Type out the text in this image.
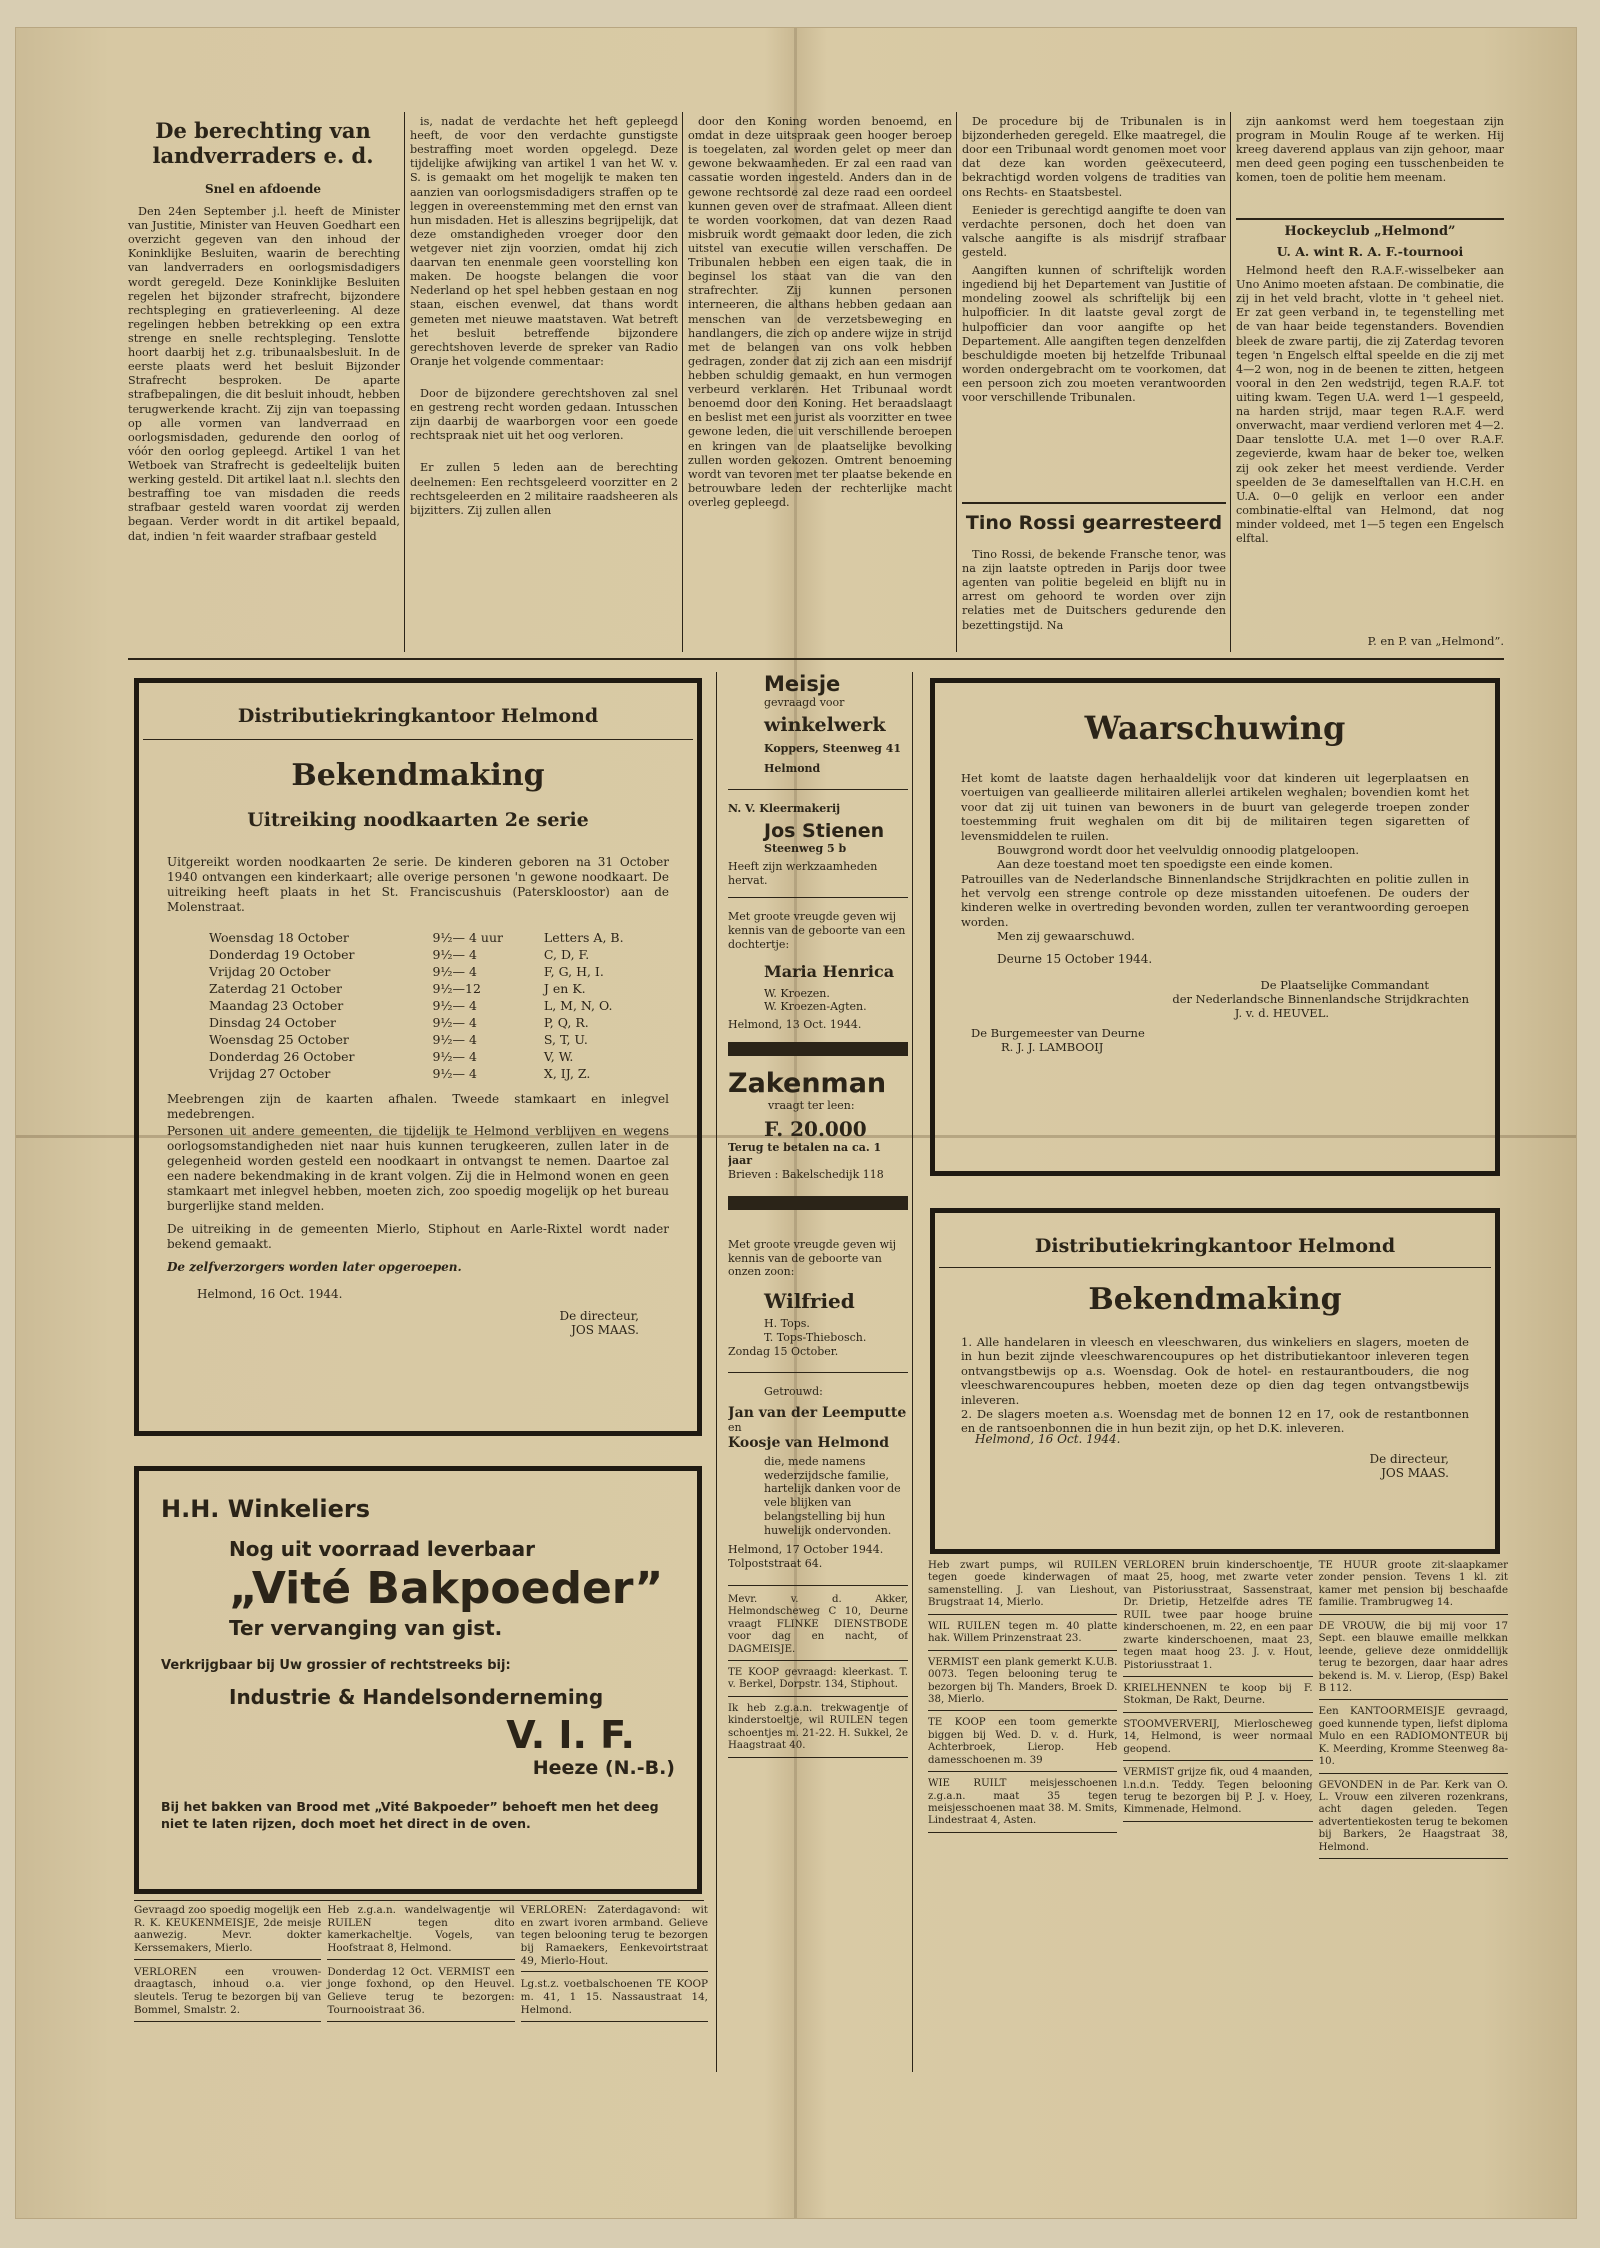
De berechting van landverraders e. d.
Snel en afdoende

Den 24en September j.l. heeft de Minister van Justitie, Minister van Heuven Goedhart een overzicht gegeven van den inhoud der Koninklijke Besluiten, waarin de berechting van landverraders en oorlogsmisdadigers wordt geregeld. Deze Koninklijke Besluiten regelen het bijzonder strafrecht, bijzondere rechtspleging en gratieverleening. Al deze regelingen hebben betrekking op een extra strenge en snelle rechtspleging. Tenslotte hoort daarbij het z.g. tribunaalsbesluit. In de eerste plaats werd het besluit Bijzonder Strafrecht besproken. De aparte strafbepalingen, die dit besluit inhoudt, hebben terugwerkende kracht. Zij zijn van toepassing op alle vormen van landverraad en oorlogsmisdaden, gedurende den oorlog of vóór den oorlog gepleegd. Artikel 1 van het Wetboek van Strafrecht is gedeeltelijk buiten werking gesteld. Dit artikel laat n.l. slechts den bestraffing toe van misdaden die reeds strafbaar gesteld waren voordat zij werden begaan. Verder wordt in dit artikel bepaald, dat, indien 'n feit waarder strafbaar gesteld

is, nadat de verdachte het heft gepleegd heeft, de voor den verdachte gunstigste bestraffing moet worden opgelegd. Deze tijdelijke afwijking van artikel 1 van het W. v. S. is gemaakt om het mogelijk te maken ten aanzien van oorlogsmisdadigers straffen op te leggen in overeenstemming met den ernst van hun misdaden. Het is alleszins begrijpelijk, dat deze omstandigheden vroeger door den wetgever niet zijn voorzien, omdat hij zich daarvan ten enenmale geen voorstelling kon maken. De hoogste belangen die voor Nederland op het spel hebben gestaan en nog staan, eischen evenwel, dat thans wordt gemeten met nieuwe maatstaven. Wat betreft het besluit betreffende bijzondere gerechtshoven leverde de spreker van Radio Oranje het volgende commentaar:

Door de bijzondere gerechtshoven zal snel en gestreng recht worden gedaan. Intusschen zijn daarbij de waarborgen voor een goede rechtspraak niet uit het oog verloren.

Er zullen 5 leden aan de berechting deelnemen: Een rechtsgeleerd voorzitter en 2 rechtsgeleerden en 2 militaire raadsheeren als bijzitters. Zij zullen allen

door den Koning worden benoemd, en omdat in deze uitspraak geen hooger beroep is toegelaten, zal worden gelet op meer dan gewone bekwaamheden. Er zal een raad van cassatie worden ingesteld. Anders dan in de gewone rechtsorde zal deze raad een oordeel kunnen geven over de strafmaat. Alleen dient te worden voorkomen, dat van dezen Raad misbruik wordt gemaakt door leden, die zich uitstel van executie willen verschaffen. De Tribunalen hebben een eigen taak, die in beginsel los staat van die van den strafrechter. Zij kunnen personen interneeren, die althans hebben gedaan aan menschen van de verzetsbeweging en handlangers, die zich op andere wijze in strijd met de belangen van ons volk hebben gedragen, zonder dat zij zich aan een misdrijf hebben schuldig gemaakt, en hun vermogen verbeurd verklaren. Het Tribunaal wordt benoemd door den Koning. Het beraadslaagt en beslist met een jurist als voorzitter en twee gewone leden, die uit verschillende beroepen en kringen van de plaatselijke bevolking zullen worden gekozen. Omtrent benoeming wordt van tevoren met ter plaatse bekende en betrouwbare leden der rechterlijke macht overleg gepleegd.

De procedure bij de Tribunalen is in bijzonderheden geregeld. Elke maatregel, die door een Tribunaal wordt genomen moet voor dat deze kan worden geëxecuteerd, bekrachtigd worden volgens de tradities van ons Rechts- en Staatsbestel.

Eenieder is gerechtigd aangifte te doen van verdachte personen, doch het doen van valsche aangifte is als misdrijf strafbaar gesteld.

Aangiften kunnen of schriftelijk worden ingediend bij het Departement van Justitie of mondeling zoowel als schriftelijk bij een hulpofficier. In dit laatste geval zorgt de hulpofficier dan voor aangifte op het Departement. Alle aangiften tegen denzelfden beschuldigde moeten bij hetzelfde Tribunaal worden ondergebracht om te voorkomen, dat een persoon zich zou moeten verantwoorden voor verschillende Tribunalen.

Tino Rossi gearresteerd

Tino Rossi, de bekende Fransche tenor, was na zijn laatste optreden in Parijs door twee agenten van politie begeleid en blijft nu in arrest om gehoord te worden over zijn relaties met de Duitschers gedurende den bezettingstijd. Na

zijn aankomst werd hem toegestaan zijn program in Moulin Rouge af te werken. Hij kreeg daverend applaus van zijn gehoor, maar men deed geen poging een tusschenbeiden te komen, toen de politie hem meenam.

Hockeyclub „Helmond”
U. A. wint R. A. F.-tournooi

Helmond heeft den R.A.F.-wisselbeker aan Uno Animo moeten afstaan. De combinatie, die zij in het veld bracht, vlotte in 't geheel niet. Er zat geen verband in, te tegenstelling met de van haar beide tegenstanders. Bovendien bleek de zware partij, die zij Zaterdag tevoren tegen 'n Engelsch elftal speelde en die zij met 4—2 won, nog in de beenen te zitten, hetgeen vooral in den 2en wedstrijd, tegen R.A.F. tot uiting kwam. Tegen U.A. werd 1—1 gespeeld, na harden strijd, maar tegen R.A.F. werd onverwacht, maar verdiend verloren met 4—2. Daar tenslotte U.A. met 1—0 over R.A.F. zegevierde, kwam haar de beker toe, welken zij ook zeker het meest verdiende. Verder speelden de 3e dameselftallen van H.C.H. en U.A. 0—0 gelijk en verloor een ander combinatie-elftal van Helmond, dat nog minder voldeed, met 1—5 tegen een Engelsch elftal.

P. en P. van „Helmond”.
Distributiekringkantoor Helmond
Bekendmaking
Uitreiking noodkaarten 2e serie
Uitgereikt worden noodkaarten 2e serie. De kinderen geboren na 31 October 1940 ontvangen een kinderkaart; alle overige personen 'n gewone noodkaart. De uitreiking heeft plaats in het St. Franciscushuis (Paterskloostor) aan de Molenstraat.
Woensdag 18 October	9½— 4 uur	Letters A, B.
Donderdag 19 October	9½— 4	C, D, F.
Vrijdag 20 October	9½— 4	F, G, H, I.
Zaterdag 21 October	9½—12	J en K.
Maandag 23 October	9½— 4	L, M, N, O.
Dinsdag 24 October	9½— 4	P, Q, R.
Woensdag 25 October	9½— 4	S, T, U.
Donderdag 26 October	9½— 4	V, W.
Vrijdag 27 October	9½— 4	X, IJ, Z.
Meebrengen zijn de kaarten afhalen. Tweede stamkaart en inlegvel medebrengen.
Personen uit andere gemeenten, die tijdelijk te Helmond verblijven en wegens oorlogsomstandigheden niet naar huis kunnen terugkeeren, zullen later in de gelegenheid worden gesteld een noodkaart in ontvangst te nemen. Daartoe zal een nadere bekendmaking in de krant volgen. Zij die in Helmond wonen en geen stamkaart met inlegvel hebben, moeten zich, zoo spoedig mogelijk op het bureau burgerlijke stand melden.
De uitreiking in de gemeenten Mierlo, Stiphout en Aarle-Rixtel wordt nader bekend gemaakt.
De zelfverzorgers worden later opgeroepen.
Helmond, 16 Oct. 1944.
De directeur,
JOS MAAS.
H.H. Winkeliers
Nog uit voorraad leverbaar
„Vité Bakpoeder”
Ter vervanging van gist.
Verkrijgbaar bij Uw grossier of rechtstreeks bij:
Industrie & Handelsonderneming
V. I. F.
Heeze (N.-B.)
Bij het bakken van Brood met „Vité Bakpoeder” behoeft men het deeg niet te laten rijzen, doch moet het direct in de oven.
Meisje
gevraagd voor
winkelwerk
Koppers, Steenweg 41
Helmond
N. V. Kleermakerij
Jos Stienen
Steenweg 5 b
Heeft zijn werkzaamheden hervat.
Met groote vreugde geven wij kennis van de geboorte van een dochtertje:
Maria Henrica
W. Kroezen.
W. Kroezen-Agten.
Helmond, 13 Oct. 1944.
Zakenman
vraagt ter leen:
F. 20.000
Terug te betalen na ca. 1 jaar
Brieven : Bakelschedijk 118
Met groote vreugde geven wij kennis van de geboorte van onzen zoon:
Wilfried
H. Tops.
T. Tops-Thiebosch.
Zondag 15 October.
Getrouwd:
Jan van der Leemputte
en
Koosje van Helmond
die, mede namens wederzijdsche familie, hartelijk danken voor de vele blijken van belangstelling bij hun huwelijk ondervonden.
Helmond, 17 October 1944.
Tolpoststraat 64.
Mevr. v. d. Akker, Helmondscheweg C 10, Deurne vraagt FLINKE DIENSTBODE voor dag en nacht, of DAGMEISJE.
TE KOOP gevraagd: kleerkast. T. v. Berkel, Dorpstr. 134, Stiphout.
Ik heb z.g.a.n. trekwagentje of kinderstoeltje, wil RUILEN tegen schoentjes m. 21-22. H. Sukkel, 2e Haagstraat 40.
Waarschuwing
Het komt de laatste dagen herhaaldelijk voor dat kinderen uit legerplaatsen en voertuigen van geallieerde militairen allerlei artikelen weghalen; bovendien komt het voor dat zij uit tuinen van bewoners in de buurt van gelegerde troepen zonder toestemming fruit weghalen om dit bij de militairen tegen sigaretten of levensmiddelen te ruilen.
Bouwgrond wordt door het veelvuldig onnoodig platgeloopen.
Aan deze toestand moet ten spoedigste een einde komen.
Patrouilles van de Nederlandsche Binnenlandsche Strijdkrachten en politie zullen in het vervolg een strenge controle op deze misstanden uitoefenen. De ouders der kinderen welke in overtreding bevonden worden, zullen ter verantwoording geroepen worden.
Men zij gewaarschuwd.
Deurne 15 October 1944.
De Plaatselijke Commandant
der Nederlandsche Binnenlandsche Strijdkrachten
J. v. d. HEUVEL.
De Burgemeester van Deurne
R. J. J. LAMBOOIJ
Distributiekringkantoor Helmond
Bekendmaking
1. Alle handelaren in vleesch en vleeschwaren, dus winkeliers en slagers, moeten de in hun bezit zijnde vleeschwarencoupures op het distributiekantoor inleveren tegen ontvangstbewijs op a.s. Woensdag. Ook de hotel- en restaurantbouders, die nog vleeschwarencoupures hebben, moeten deze op dien dag tegen ontvangstbewijs inleveren.
2. De slagers moeten a.s. Woensdag met de bonnen 12 en 17, ook de restantbonnen en de rantsoenbonnen die in hun bezit zijn, op het D.K. inleveren.
Helmond, 16 Oct. 1944.
De directeur,
JOS MAAS.
Gevraagd zoo spoedig mogelijk een R. K. KEUKENMEISJE, 2de meisje aanwezig. Mevr. dokter Kerssemakers, Mierlo.
VERLOREN een vrouwen-draagtasch, inhoud o.a. vier sleutels. Terug te bezorgen bij van Bommel, Smalstr. 2.
Heb z.g.a.n. wandelwagentje wil RUILEN tegen dito kamerkacheltje. Vogels, van Hoofstraat 8, Helmond.
Donderdag 12 Oct. VERMIST een jonge foxhond, op den Heuvel. Gelieve terug te bezorgen: Tournooistraat 36.
VERLOREN: Zaterdagavond: wit en zwart ivoren armband. Gelieve tegen belooning terug te bezorgen bij Ramaekers, Eenkevoirtstraat 49, Mierlo-Hout.
Lg.st.z. voetbalschoenen TE KOOP m. 41, 1 15. Nassaustraat 14, Helmond.
Heb zwart pumps, wil RUILEN tegen goede kinderwagen of samenstelling. J. van Lieshout, Brugstraat 14, Mierlo.
WIL RUILEN tegen m. 40 platte hak. Willem Prinzenstraat 23.
VERMIST een plank gemerkt K.U.B. 0073. Tegen belooning terug te bezorgen bij Th. Manders, Broek D. 38, Mierlo.
TE KOOP een toom gemerkte biggen bij Wed. D. v. d. Hurk, Achterbroek, Lierop. Heb damesschoenen m. 39
WIE RUILT meisjesschoenen z.g.a.n. maat 35 tegen meisjesschoenen maat 38. M. Smits, Lindestraat 4, Asten.
VERLOREN bruin kinderschoentje, maat 25, hoog, met zwarte veter van Pistoriusstraat, Sassenstraat, Dr. Drietip, Hetzelfde adres TE RUIL twee paar hooge bruine kinderschoenen, m. 22, en een paar zwarte kinderschoenen, maat 23, tegen maat hoog 23. J. v. Hout, Pistoriusstraat 1.
KRIELHENNEN te koop bij F. Stokman, De Rakt, Deurne.
STOOMVERVERIJ, Mierloscheweg 14, Helmond, is weer normaal geopend.
VERMIST grijze fik, oud 4 maanden, l.n.d.n. Teddy. Tegen belooning terug te bezorgen bij P. J. v. Hoey, Kimmenade, Helmond.
TE HUUR groote zit-slaapkamer zonder pension. Tevens 1 kl. zit kamer met pension bij beschaafde familie. Trambrugweg 14.
DE VROUW, die bij mij voor 17 Sept. een blauwe emaille melkkan leende, gelieve deze onmiddellijk terug te bezorgen, daar haar adres bekend is. M. v. Lierop, (Esp) Bakel B 112.
Een KANTOORMEISJE gevraagd, goed kunnende typen, liefst diploma Mulo en een RADIOMONTEUR bij K. Meerding, Kromme Steenweg 8a-10.
GEVONDEN in de Par. Kerk van O. L. Vrouw een zilveren rozenkrans, acht dagen geleden. Tegen advertentiekosten terug te bekomen bij Barkers, 2e Haagstraat 38, Helmond.
